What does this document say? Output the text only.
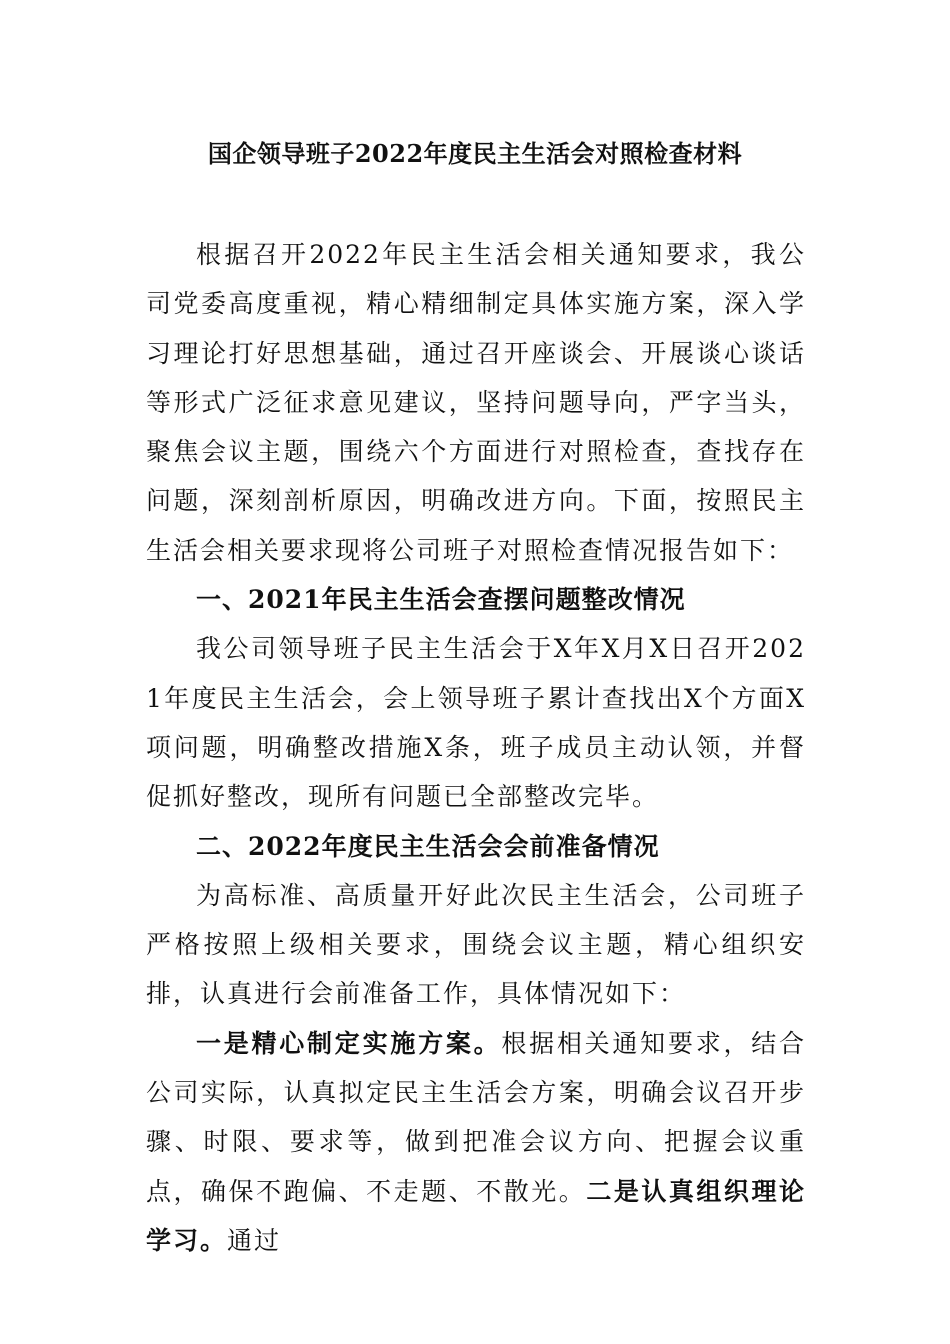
国企领导班子2022年度民主生活会对照检查材料

根据召开2022年民主生活会相关通知要求，我公司党委高度重视，精心精细制定具体实施方案，深入学习理论打好思想基础，通过召开座谈会、开展谈心谈话等形式广泛征求意见建议，坚持问题导向，严字当头，聚焦会议主题，围绕六个方面进行对照检查，查找存在问题，深刻剖析原因，明确改进方向。下面，按照民主生活会相关要求现将公司班子对照检查情况报告如下：

一、2021年民主生活会查摆问题整改情况

我公司领导班子民主生活会于X年X月X日召开2021年度民主生活会，会上领导班子累计查找出X个方面X项问题，明确整改措施X条，班子成员主动认领，并督促抓好整改，现所有问题已全部整改完毕。

二、2022年度民主生活会会前准备情况

为高标准、高质量开好此次民主生活会，公司班子严格按照上级相关要求，围绕会议主题，精心组织安排，认真进行会前准备工作，具体情况如下：

一是精心制定实施方案。根据相关通知要求，结合公司实际，认真拟定民主生活会方案，明确会议召开步骤、时限、要求等，做到把准会议方向、把握会议重点，确保不跑偏、不走题、不散光。二是认真组织理论学习。通过
